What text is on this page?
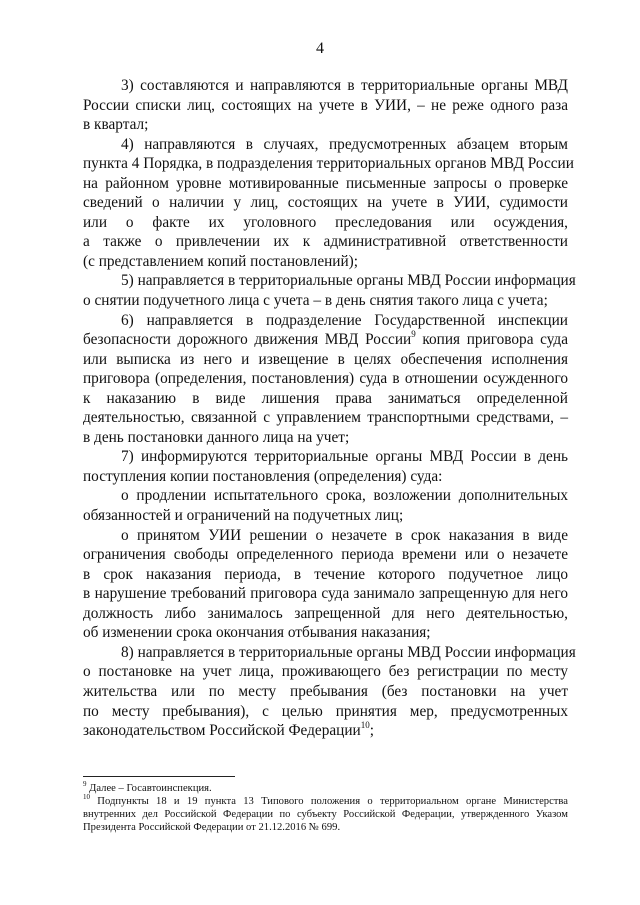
4
3) составляются и направляются в территориальные органы МВД
России списки лиц, состоящих на учете в УИИ, – не реже одного раза
в квартал;
4) направляются в случаях, предусмотренных абзацем вторым
пункта 4 Порядка, в подразделения территориальных органов МВД России
на районном уровне мотивированные письменные запросы о проверке
сведений о наличии у лиц, состоящих на учете в УИИ, судимости
или о факте их уголовного преследования или осуждения,
а также о привлечении их к административной ответственности
(с представлением копий постановлений);
5) направляется в территориальные органы МВД России информация
о снятии подучетного лица с учета – в день снятия такого лица с учета;
6) направляется в подразделение Государственной инспекции
безопасности дорожного движения МВД России$^9$ копия приговора суда
или выписка из него и извещение в целях обеспечения исполнения
приговора (определения, постановления) суда в отношении осужденного
к наказанию в виде лишения права заниматься определенной
деятельностью, связанной с управлением транспортными средствами, –
в день постановки данного лица на учет;
7) информируются территориальные органы МВД России в день
поступления копии постановления (определения) суда:
о продлении испытательного срока, возложении дополнительных
обязанностей и ограничений на подучетных лиц;
о принятом УИИ решении о незачете в срок наказания в виде
ограничения свободы определенного периода времени или о незачете
в срок наказания периода, в течение которого подучетное лицо
в нарушение требований приговора суда занимало запрещенную для него
должность либо занималось запрещенной для него деятельностью,
об изменении срока окончания отбывания наказания;
8) направляется в территориальные органы МВД России информация
о постановке на учет лица, проживающего без регистрации по месту
жительства или по месту пребывания (без постановки на учет
по месту пребывания), с целью принятия мер, предусмотренных
законодательством Российской Федерации$^{10}$;
$^9$ Далее – Госавтоинспекция.
$^{10}$ Подпункты 18 и 19 пункта 13 Типового положения о территориальном органе Министерства
внутренних дел Российской Федерации по субъекту Российской Федерации, утвержденного Указом
Президента Российской Федерации от 21.12.2016 № 699.
